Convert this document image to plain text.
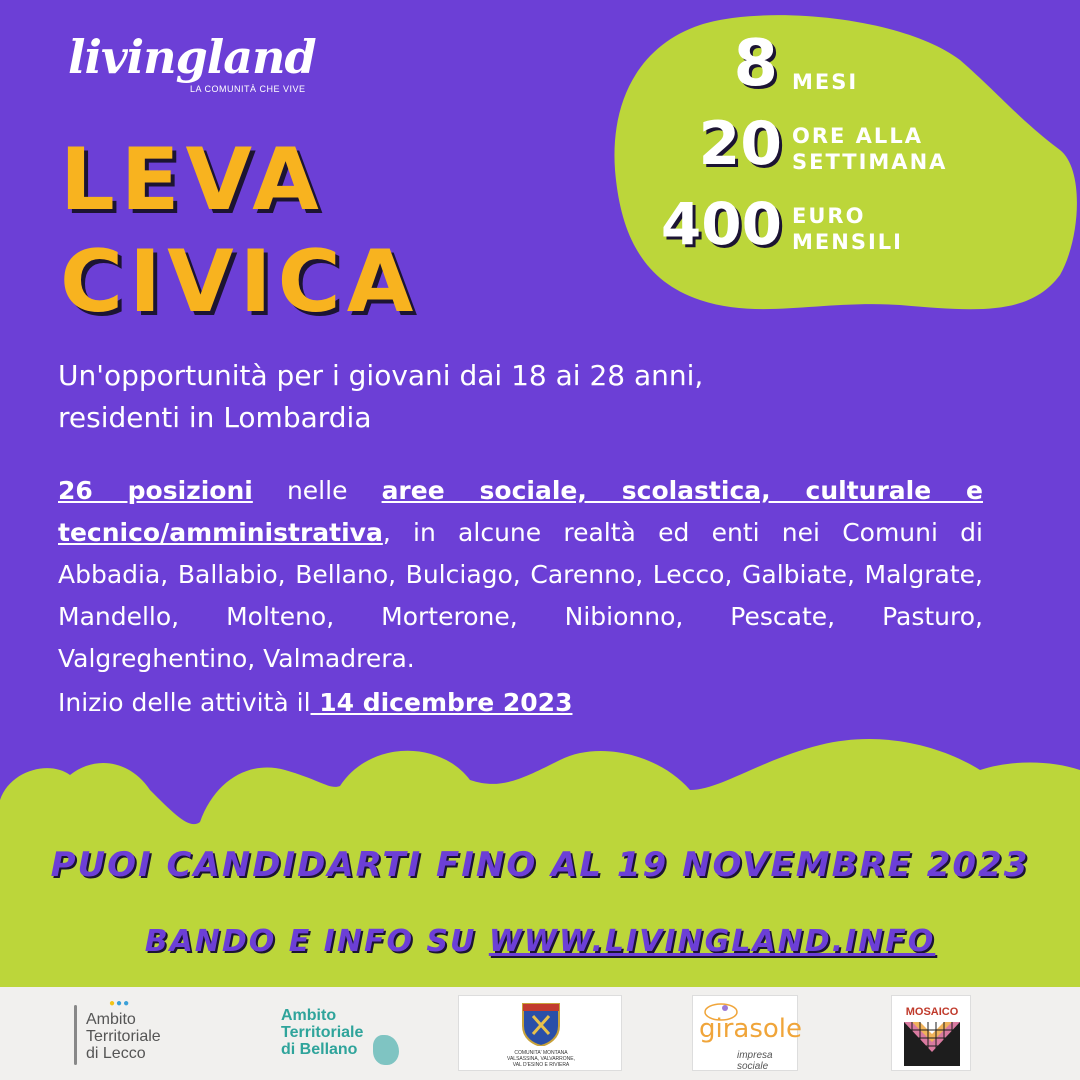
livingland
LA COMUNITÀ CHE VIVE
LEVA
CIVICA
8 MESI
20 ORE ALLA
SETTIMANA
400 EURO
MENSILI
Un'opportunità per i giovani dai 18 ai 28 anni,
residenti in Lombardia
26 posizioni nelle aree sociale, scolastica, culturale e tecnico/amministrativa, in alcune realtà ed enti nei Comuni di Abbadia, Ballabio, Bellano, Bulciago, Carenno, Lecco, Galbiate, Malgrate, Mandello, Molteno, Morterone, Nibionno, Pescate, Pasturo, Valgreghentino, Valmadrera.
Inizio delle attività il 14 dicembre 2023
PUOI CANDIDARTI FINO AL 19 NOVEMBRE 2023
BANDO E INFO SU WWW.LIVINGLAND.INFO
●●●
Ambito
Territoriale
di Lecco
Ambito
Territoriale
di Bellano	COMUNITA' MONTANA
VALSASSINA, VALVARRONE,
VAL D'ESINO E RIVIERA
girasole
impresa sociale
MOSAICO
